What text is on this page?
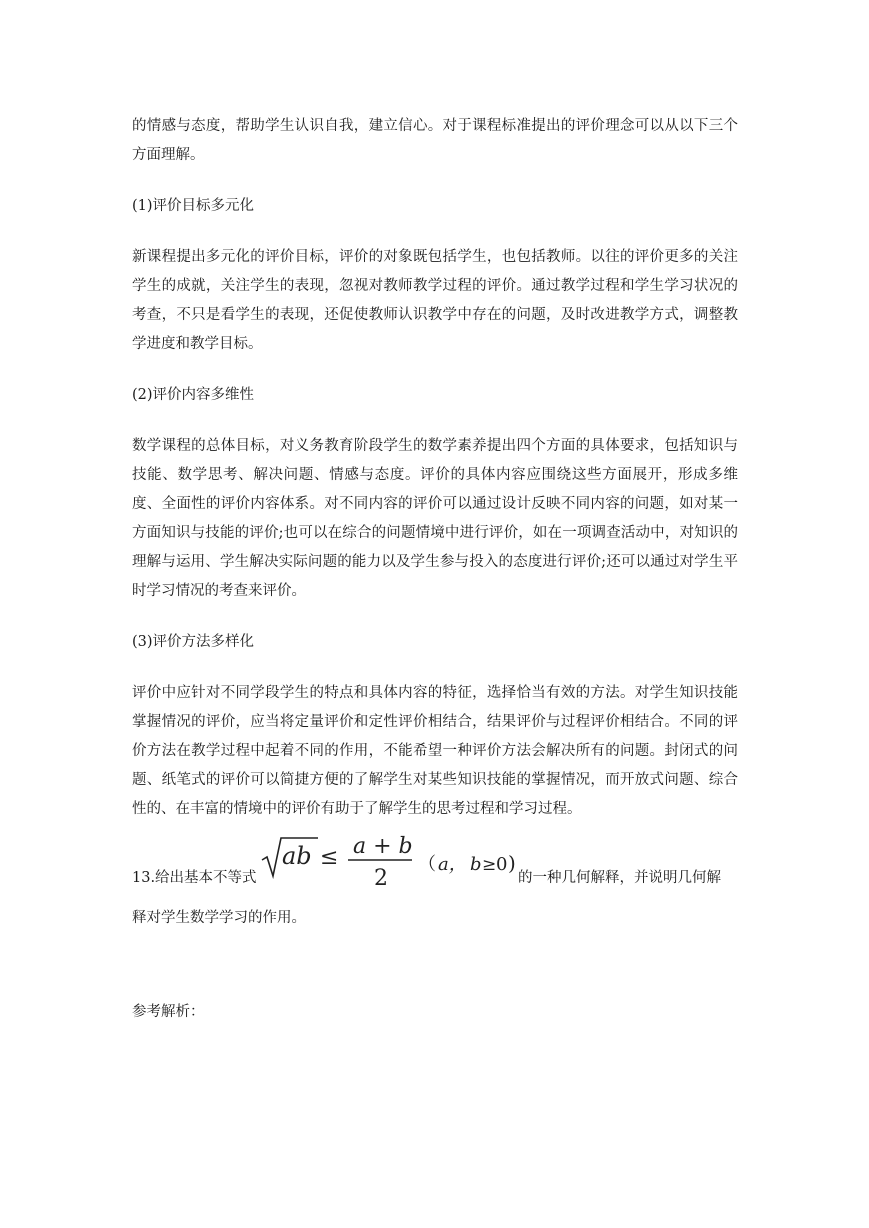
的情感与态度，帮助学生认识自我，建立信心。对于课程标准提出的评价理念可以从以下三个方面理解。

(1)评价目标多元化

新课程提出多元化的评价目标，评价的对象既包括学生，也包括教师。以往的评价更多的关注学生的成就，关注学生的表现，忽视对教师教学过程的评价。通过教学过程和学生学习状况的考查，不只是看学生的表现，还促使教师认识教学中存在的问题，及时改进教学方式，调整教学进度和教学目标。

(2)评价内容多维性

数学课程的总体目标，对义务教育阶段学生的数学素养提出四个方面的具体要求，包括知识与技能、数学思考、解决问题、情感与态度。评价的具体内容应围绕这些方面展开，形成多维度、全面性的评价内容体系。对不同内容的评价可以通过设计反映不同内容的问题，如对某一方面知识与技能的评价;也可以在综合的问题情境中进行评价，如在一项调查活动中，对知识的理解与运用、学生解决实际问题的能力以及学生参与投入的态度进行评价;还可以通过对学生平时学习情况的考查来评价。

(3)评价方法多样化

评价中应针对不同学段学生的特点和具体内容的特征，选择恰当有效的方法。对学生知识技能掌握情况的评价，应当将定量评价和定性评价相结合，结果评价与过程评价相结合。不同的评价方法在教学过程中起着不同的作用，不能希望一种评价方法会解决所有的问题。封闭式的问题、纸笔式的评价可以简捷方便的了解学生对某些知识技能的掌握情况，而开放式问题、综合性的、在丰富的情境中的评价有助于了解学生的思考过程和学习过程。

13.给出基本不等式
ab ≤ a + b
2
（ a， b ≥ 0 )
的一种几何解释，并说明几何解
释对学生数学学习的作用。
参考解析：
